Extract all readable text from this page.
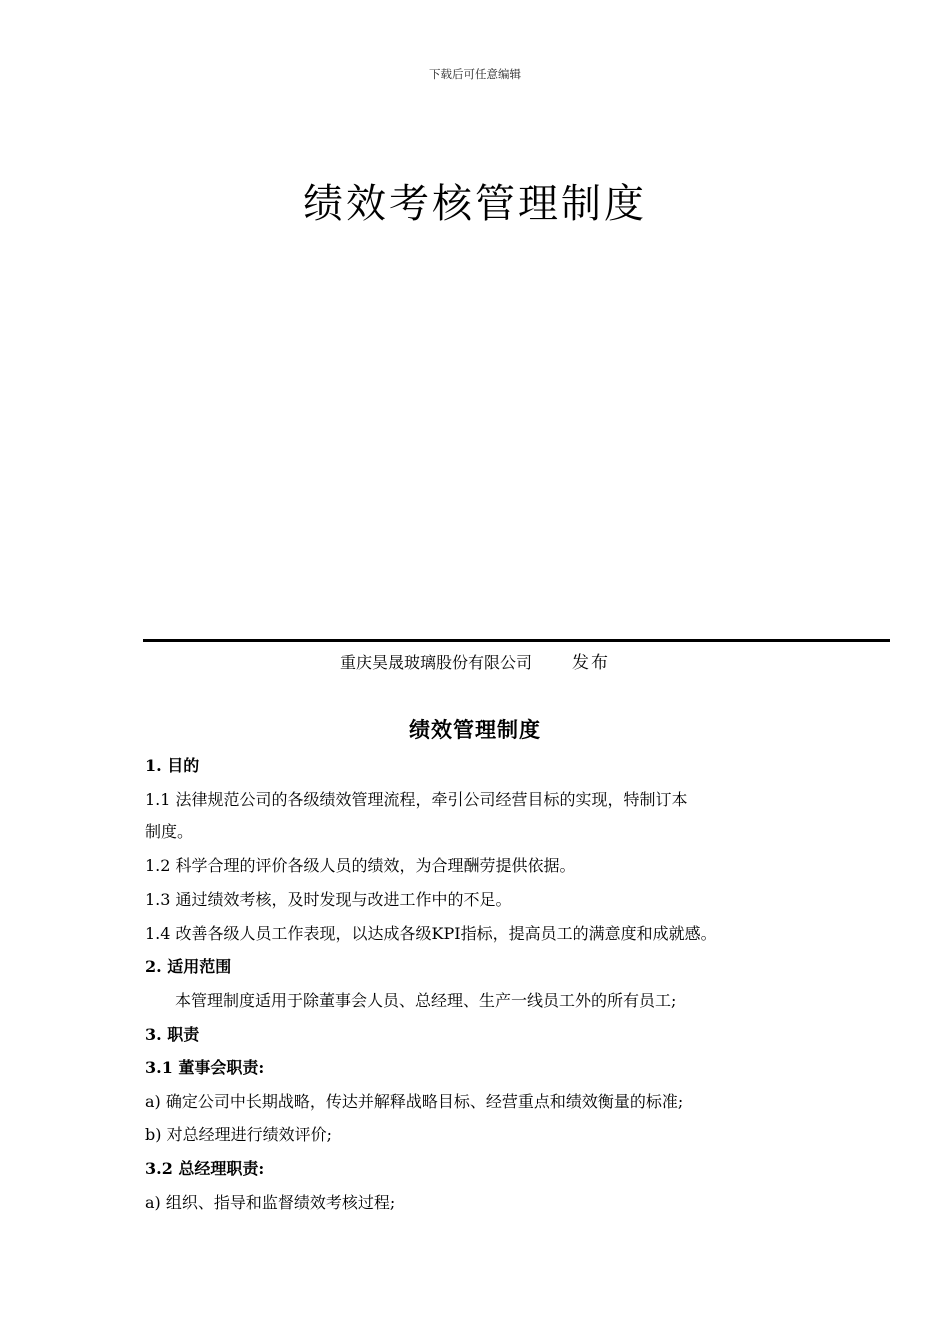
下载后可任意编辑
绩效考核管理制度
重庆昊晟玻璃股份有限公司 发布
绩效管理制度
1. 目的
1.1 法律规范公司的各级绩效管理流程，牵引公司经营目标的实现，特制订本
制度。
1.2 科学合理的评价各级人员的绩效，为合理酬劳提供依据。
1.3 通过绩效考核，及时发现与改进工作中的不足。
1.4 改善各级人员工作表现，以达成各级KPI指标，提高员工的满意度和成就感。
2. 适用范围
本管理制度适用于除董事会人员、总经理、生产一线员工外的所有员工;
3. 职责
3.1 董事会职责:
a) 确定公司中长期战略，传达并解释战略目标、经营重点和绩效衡量的标准;
b) 对总经理进行绩效评价;
3.2 总经理职责:
a) 组织、指导和监督绩效考核过程;
